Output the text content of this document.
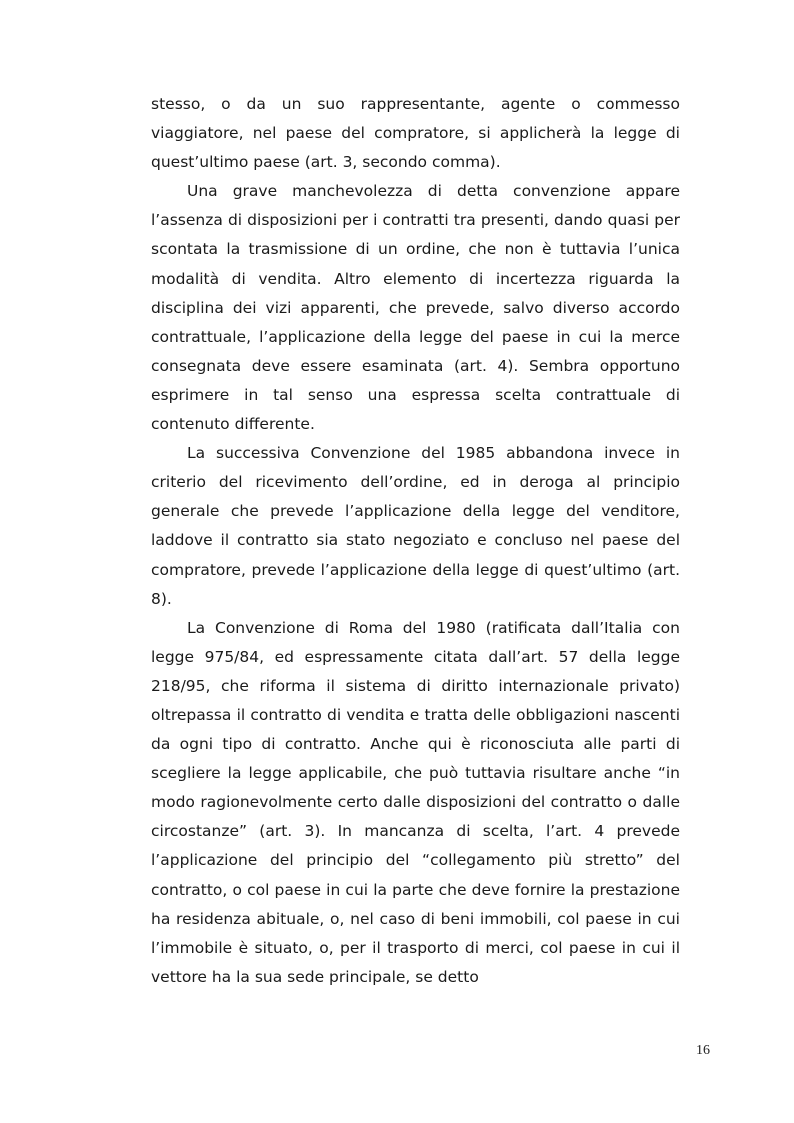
stesso, o da un suo rappresentante, agente o commesso viaggiatore, nel paese del compratore, si applicherà la legge di quest’ultimo paese (art. 3, secondo comma).

Una grave manchevolezza di detta convenzione appare l’assenza di disposizioni per i contratti tra presenti, dando quasi per scontata la trasmissione di un ordine, che non è tuttavia l’unica modalità di vendita. Altro elemento di incertezza riguarda la disciplina dei vizi apparenti, che prevede, salvo diverso accordo contrattuale, l’applicazione della legge del paese in cui la merce consegnata deve essere esaminata (art. 4). Sembra opportuno esprimere in tal senso una espressa scelta contrattuale di contenuto differente.

La successiva Convenzione del 1985 abbandona invece in criterio del ricevimento dell’ordine, ed in deroga al principio generale che prevede l’applicazione della legge del venditore, laddove il contratto sia stato negoziato e concluso nel paese del compratore, prevede l’applicazione della legge di quest’ultimo (art. 8).

La Convenzione di Roma del 1980 (ratificata dall’Italia con legge 975/84, ed espressamente citata dall’art. 57 della legge 218/95, che riforma il sistema di diritto internazionale privato) oltrepassa il contratto di vendita e tratta delle obbligazioni nascenti da ogni tipo di contratto. Anche qui è riconosciuta alle parti di scegliere la legge applicabile, che può tuttavia risultare anche “in modo ragionevolmente certo dalle disposizioni del contratto o dalle circostanze” (art. 3). In mancanza di scelta, l’art. 4 prevede l’applicazione del principio del “collegamento più stretto” del contratto, o col paese in cui la parte che deve fornire la prestazione ha residenza abituale, o, nel caso di beni immobili, col paese in cui l’immobile è situato, o, per il trasporto di merci, col paese in cui il vettore ha la sua sede principale, se detto

16
